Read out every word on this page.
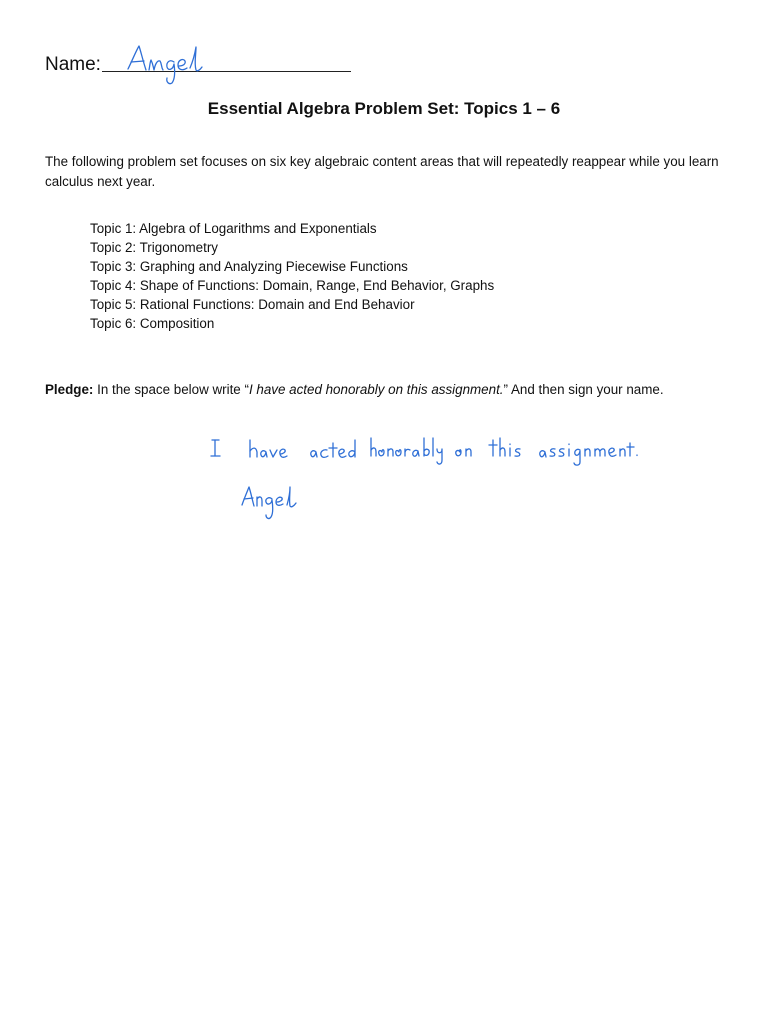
Name:
Essential Algebra Problem Set: Topics 1 – 6
The following problem set focuses on six key algebraic content areas that will repeatedly reappear while you learn calculus next year.
Topic 1: Algebra of Logarithms and Exponentials
Topic 2: Trigonometry
Topic 3: Graphing and Analyzing Piecewise Functions
Topic 4: Shape of Functions: Domain, Range, End Behavior, Graphs
Topic 5: Rational Functions: Domain and End Behavior
Topic 6: Composition
Pledge: In the space below write “I have acted honorably on this assignment.” And then sign your name.
